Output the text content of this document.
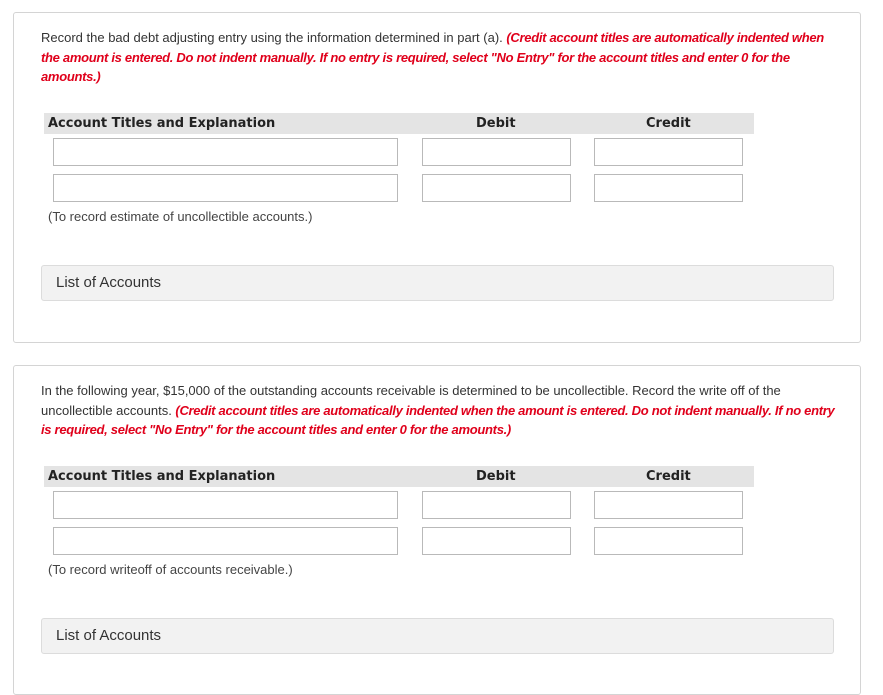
Record the bad debt adjusting entry using the information determined in part (a). (Credit account titles are automatically indented when the amount is entered. Do not indent manually. If no entry is required, select "No Entry" for the account titles and enter 0 for the amounts.)
Account Titles and Explanation	Debit	Credit
(To record estimate of uncollectible accounts.)
List of Accounts
In the following year, $15,000 of the outstanding accounts receivable is determined to be uncollectible. Record the write off of the uncollectible accounts. (Credit account titles are automatically indented when the amount is entered. Do not indent manually. If no entry is required, select "No Entry" for the account titles and enter 0 for the amounts.)
Account Titles and Explanation	Debit	Credit
(To record writeoff of accounts receivable.)
List of Accounts
